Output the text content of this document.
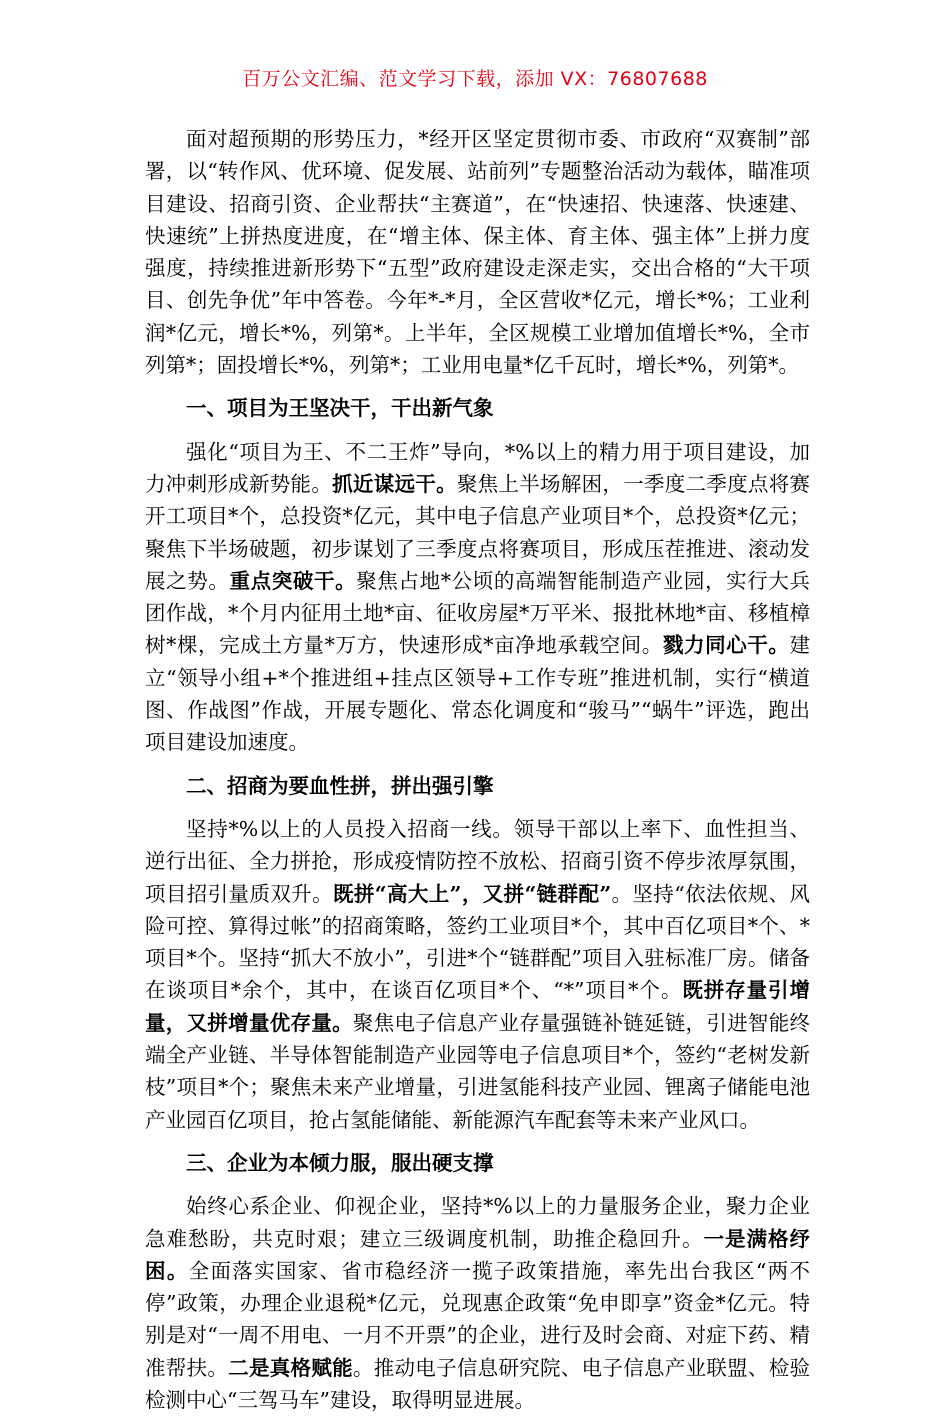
百万公文汇编、范文学习下载，添加 VX：76807688

面对超预期的形势压力，*经开区坚定贯彻市委、市政府“双赛制”部署，以“转作风、优环境、促发展、站前列”专题整治活动为载体，瞄准项目建设、招商引资、企业帮扶“主赛道”，在“快速招、快速落、快速建、快速统”上拼热度进度，在“增主体、保主体、育主体、强主体”上拼力度强度，持续推进新形势下“五型”政府建设走深走实，交出合格的“大干项目、创先争优”年中答卷。今年*-*月，全区营收*亿元，增长*%；工业利润*亿元，增长*%，列第*。上半年，全区规模工业增加值增长*%，全市列第*；固投增长*%，列第*；工业用电量*亿千瓦时，增长*%，列第*。

一、项目为王坚决干，干出新气象

强化“项目为王、不二王炸”导向，*%以上的精力用于项目建设，加力冲刺形成新势能。抓近谋远干。聚焦上半场解困，一季度二季度点将赛开工项目*个，总投资*亿元，其中电子信息产业项目*个，总投资*亿元；聚焦下半场破题，初步谋划了三季度点将赛项目，形成压茬推进、滚动发展之势。重点突破干。聚焦占地*公顷的高端智能制造产业园，实行大兵团作战，*个月内征用土地*亩、征收房屋*万平米、报批林地*亩、移植樟树*棵，完成土方量*万方，快速形成*亩净地承载空间。戮力同心干。建立“领导小组+*个推进组+挂点区领导+工作专班”推进机制，实行“横道图、作战图”作战，开展专题化、常态化调度和“骏马”“蜗牛”评选，跑出项目建设加速度。

二、招商为要血性拼，拼出强引擎

坚持*%以上的人员投入招商一线。领导干部以上率下、血性担当、逆行出征、全力拼抢，形成疫情防控不放松、招商引资不停步浓厚氛围，项目招引量质双升。既拼“高大上”，又拼“链群配”。坚持“依法依规、风险可控、算得过帐”的招商策略，签约工业项目*个，其中百亿项目*个、*项目*个。坚持“抓大不放小”，引进*个“链群配”项目入驻标准厂房。储备在谈项目*余个，其中，在谈百亿项目*个、“*”项目*个。既拼存量引增量，又拼增量优存量。聚焦电子信息产业存量强链补链延链，引进智能终端全产业链、半导体智能制造产业园等电子信息项目*个，签约“老树发新枝”项目*个；聚焦未来产业增量，引进氢能科技产业园、锂离子储能电池产业园百亿项目，抢占氢能储能、新能源汽车配套等未来产业风口。

三、企业为本倾力服，服出硬支撑

始终心系企业、仰视企业，坚持*%以上的力量服务企业，聚力企业急难愁盼，共克时艰；建立三级调度机制，助推企稳回升。一是满格纾困。全面落实国家、省市稳经济一揽子政策措施，率先出台我区“两不停”政策，办理企业退税*亿元，兑现惠企政策“免申即享”资金*亿元。特别是对“一周不用电、一月不开票”的企业，进行及时会商、对症下药、精准帮扶。二是真格赋能。推动电子信息研究院、电子信息产业联盟、检验检测中心“三驾马车”建设，取得明显进展。
